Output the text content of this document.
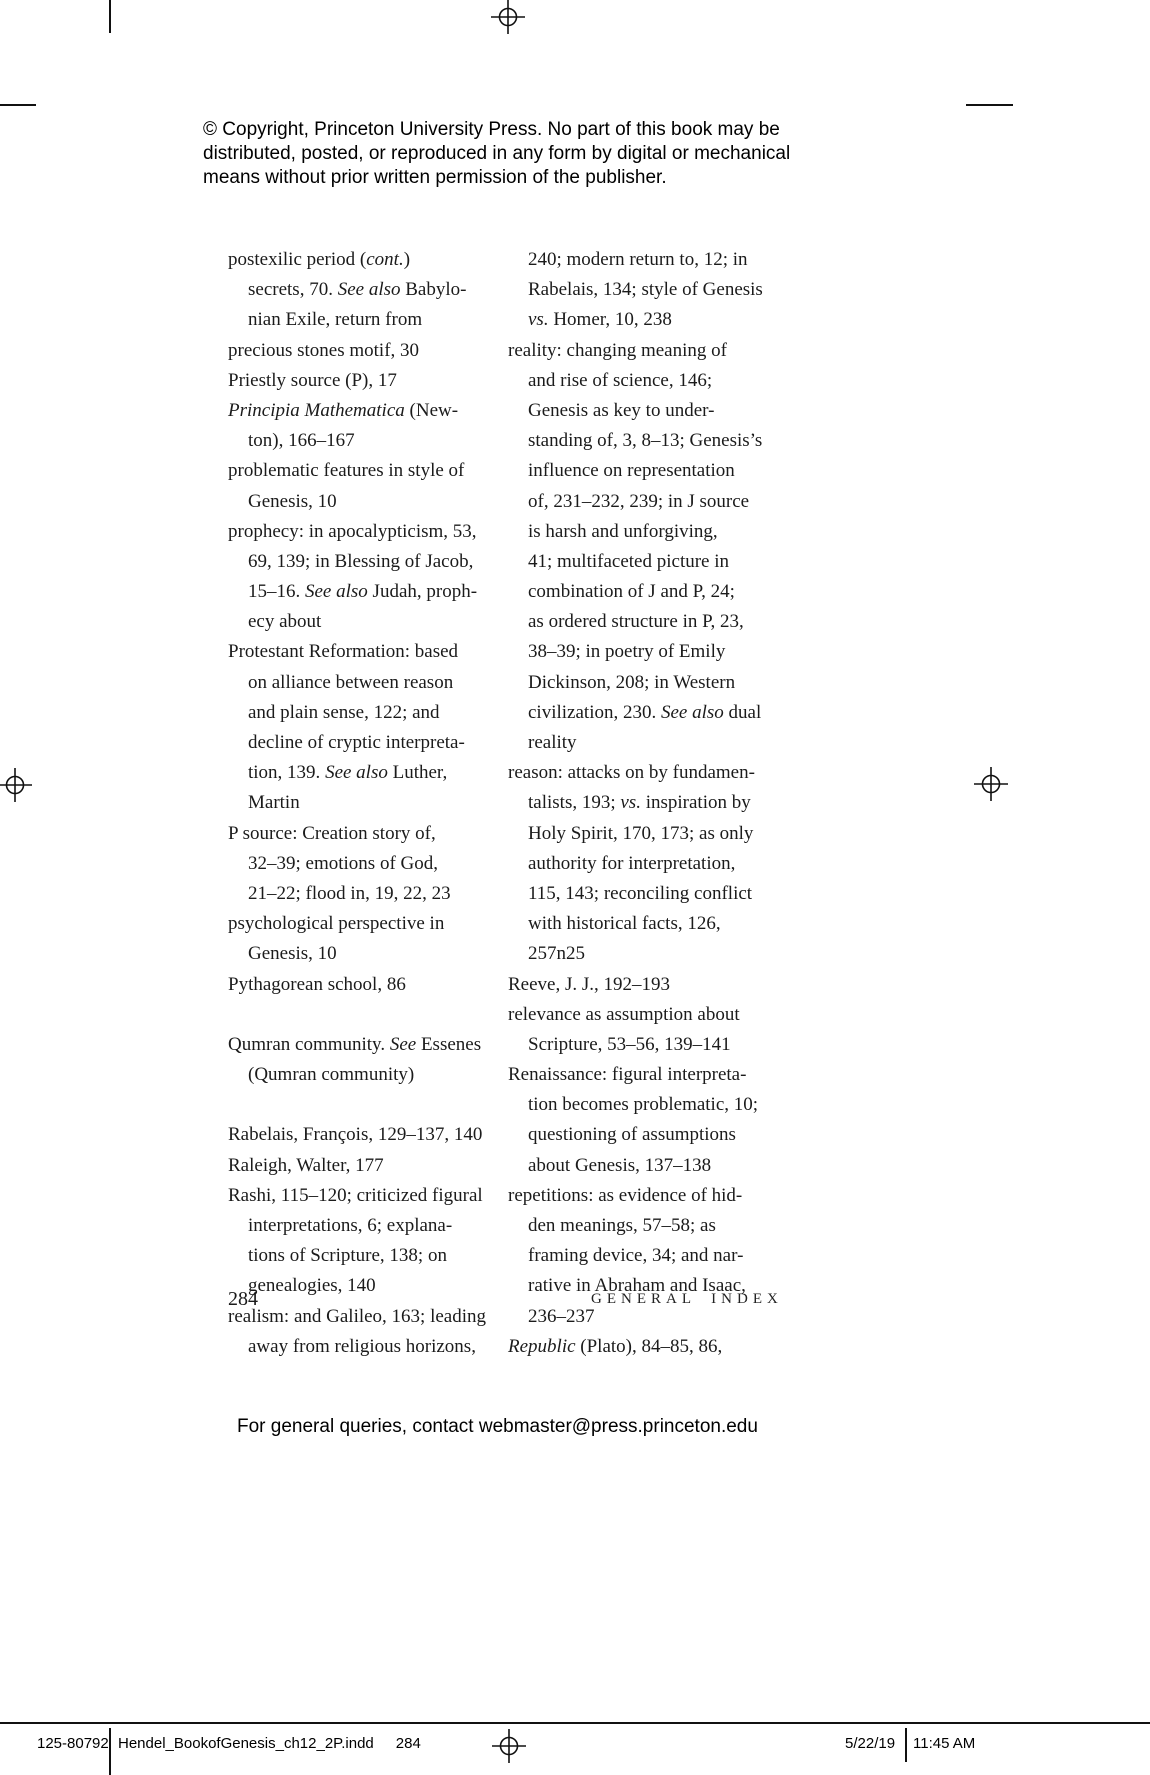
© Copyright, Princeton University Press. No part of this book may be
distributed, posted, or reproduced in any form by digital or mechanical
means without prior written permission of the publisher.
postexilic period (cont.)
secrets, 70. See also Babylo-
nian Exile, return from
precious stones motif, 30
Priestly source (P), 17
Principia Mathematica (New-
ton), 166–167
problematic features in style of
Genesis, 10
prophecy: in apocalypticism, 53,
69, 139; in Blessing of Jacob,
15–16. See also Judah, proph-
ecy about
Protestant Reformation: based
on alliance between reason
and plain sense, 122; and
decline of cryptic interpreta-
tion, 139. See also Luther,
Martin
P source: Creation story of,
32–39; emotions of God,
21–22; flood in, 19, 22, 23
psychological perspective in
Genesis, 10
Pythagorean school, 86
Qumran community. See Essenes
(Qumran community)
Rabelais, François, 129–137, 140
Raleigh, Walter, 177
Rashi, 115–120; criticized figural
interpretations, 6; explana-
tions of Scripture, 138; on
genealogies, 140
realism: and Galileo, 163; leading
away from religious horizons,
240; modern return to, 12; in
Rabelais, 134; style of Genesis
vs. Homer, 10, 238
reality: changing meaning of
and rise of science, 146;
Genesis as key to under-
standing of, 3, 8–13; Genesis’s
influence on representation
of, 231–232, 239; in J source
is harsh and unforgiving,
41; multifaceted picture in
combination of J and P, 24;
as ordered structure in P, 23,
38–39; in poetry of Emily
Dickinson, 208; in Western
civilization, 230. See also dual
reality
reason: attacks on by fundamen-
talists, 193; vs. inspiration by
Holy Spirit, 170, 173; as only
authority for interpretation,
115, 143; reconciling conflict
with historical facts, 126,
257n25
Reeve, J. J., 192–193
relevance as assumption about
Scripture, 53–56, 139–141
Renaissance: figural interpreta-
tion becomes problematic, 10;
questioning of assumptions
about Genesis, 137–138
repetitions: as evidence of hid-
den meanings, 57–58; as
framing device, 34; and nar-
rative in Abraham and Isaac,
236–237
Republic (Plato), 84–85, 86,
284	GENERAL INDEX
For general queries, contact webmaster@press.princeton.edu
125-80792 Hendel_BookofGenesis_ch12_2P.indd 284	5/22/19 11:45 AM
